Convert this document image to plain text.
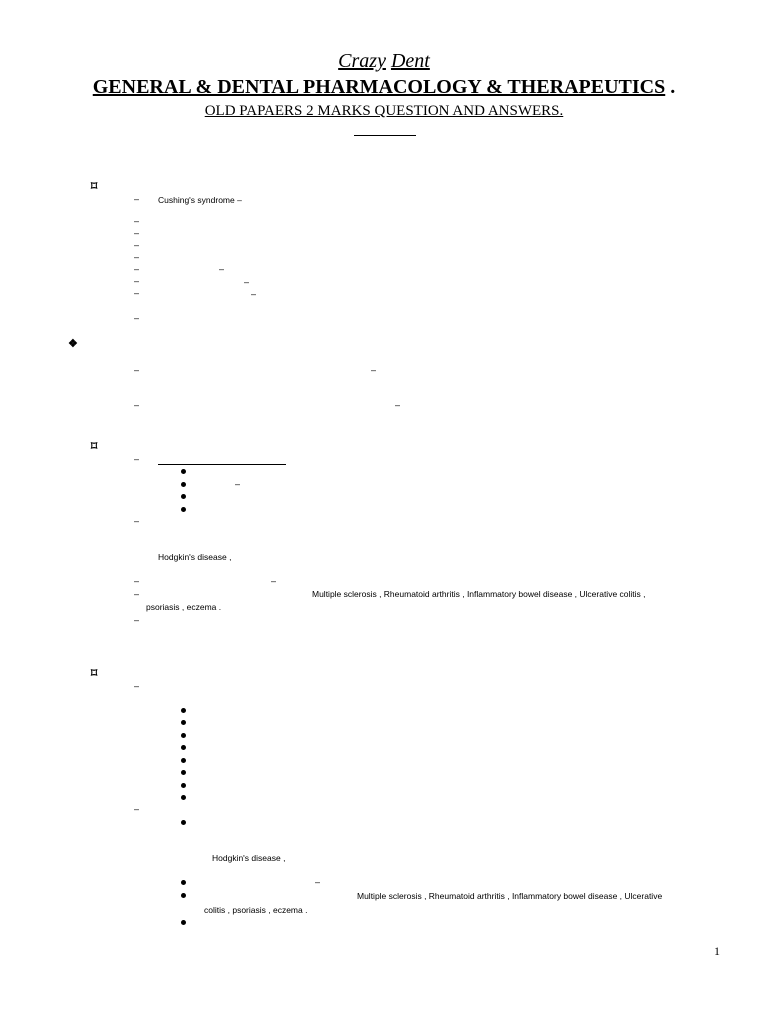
Crazy Dent
GENERAL & DENTAL PHARMACOLOGY & THERAPEUTICS .
OLD PAPAERS 2 MARKS QUESTION AND ANSWERS.
⌑
– Cushing's syndrome –
–
–
–
–
–	–
–	–
–	–
–
❖
–	–
–	–
⌑
–
–
–
Hodgkin's disease ,
–	–
–	Multiple sclerosis , Rheumatoid arthritis , Inflammatory bowel disease , Ulcerative colitis ,
psoriasis , eczema .
–
⌑
–
–
Hodgkin's disease ,
–
Multiple sclerosis , Rheumatoid arthritis , Inflammatory bowel disease , Ulcerative
colitis , psoriasis , eczema .
1
